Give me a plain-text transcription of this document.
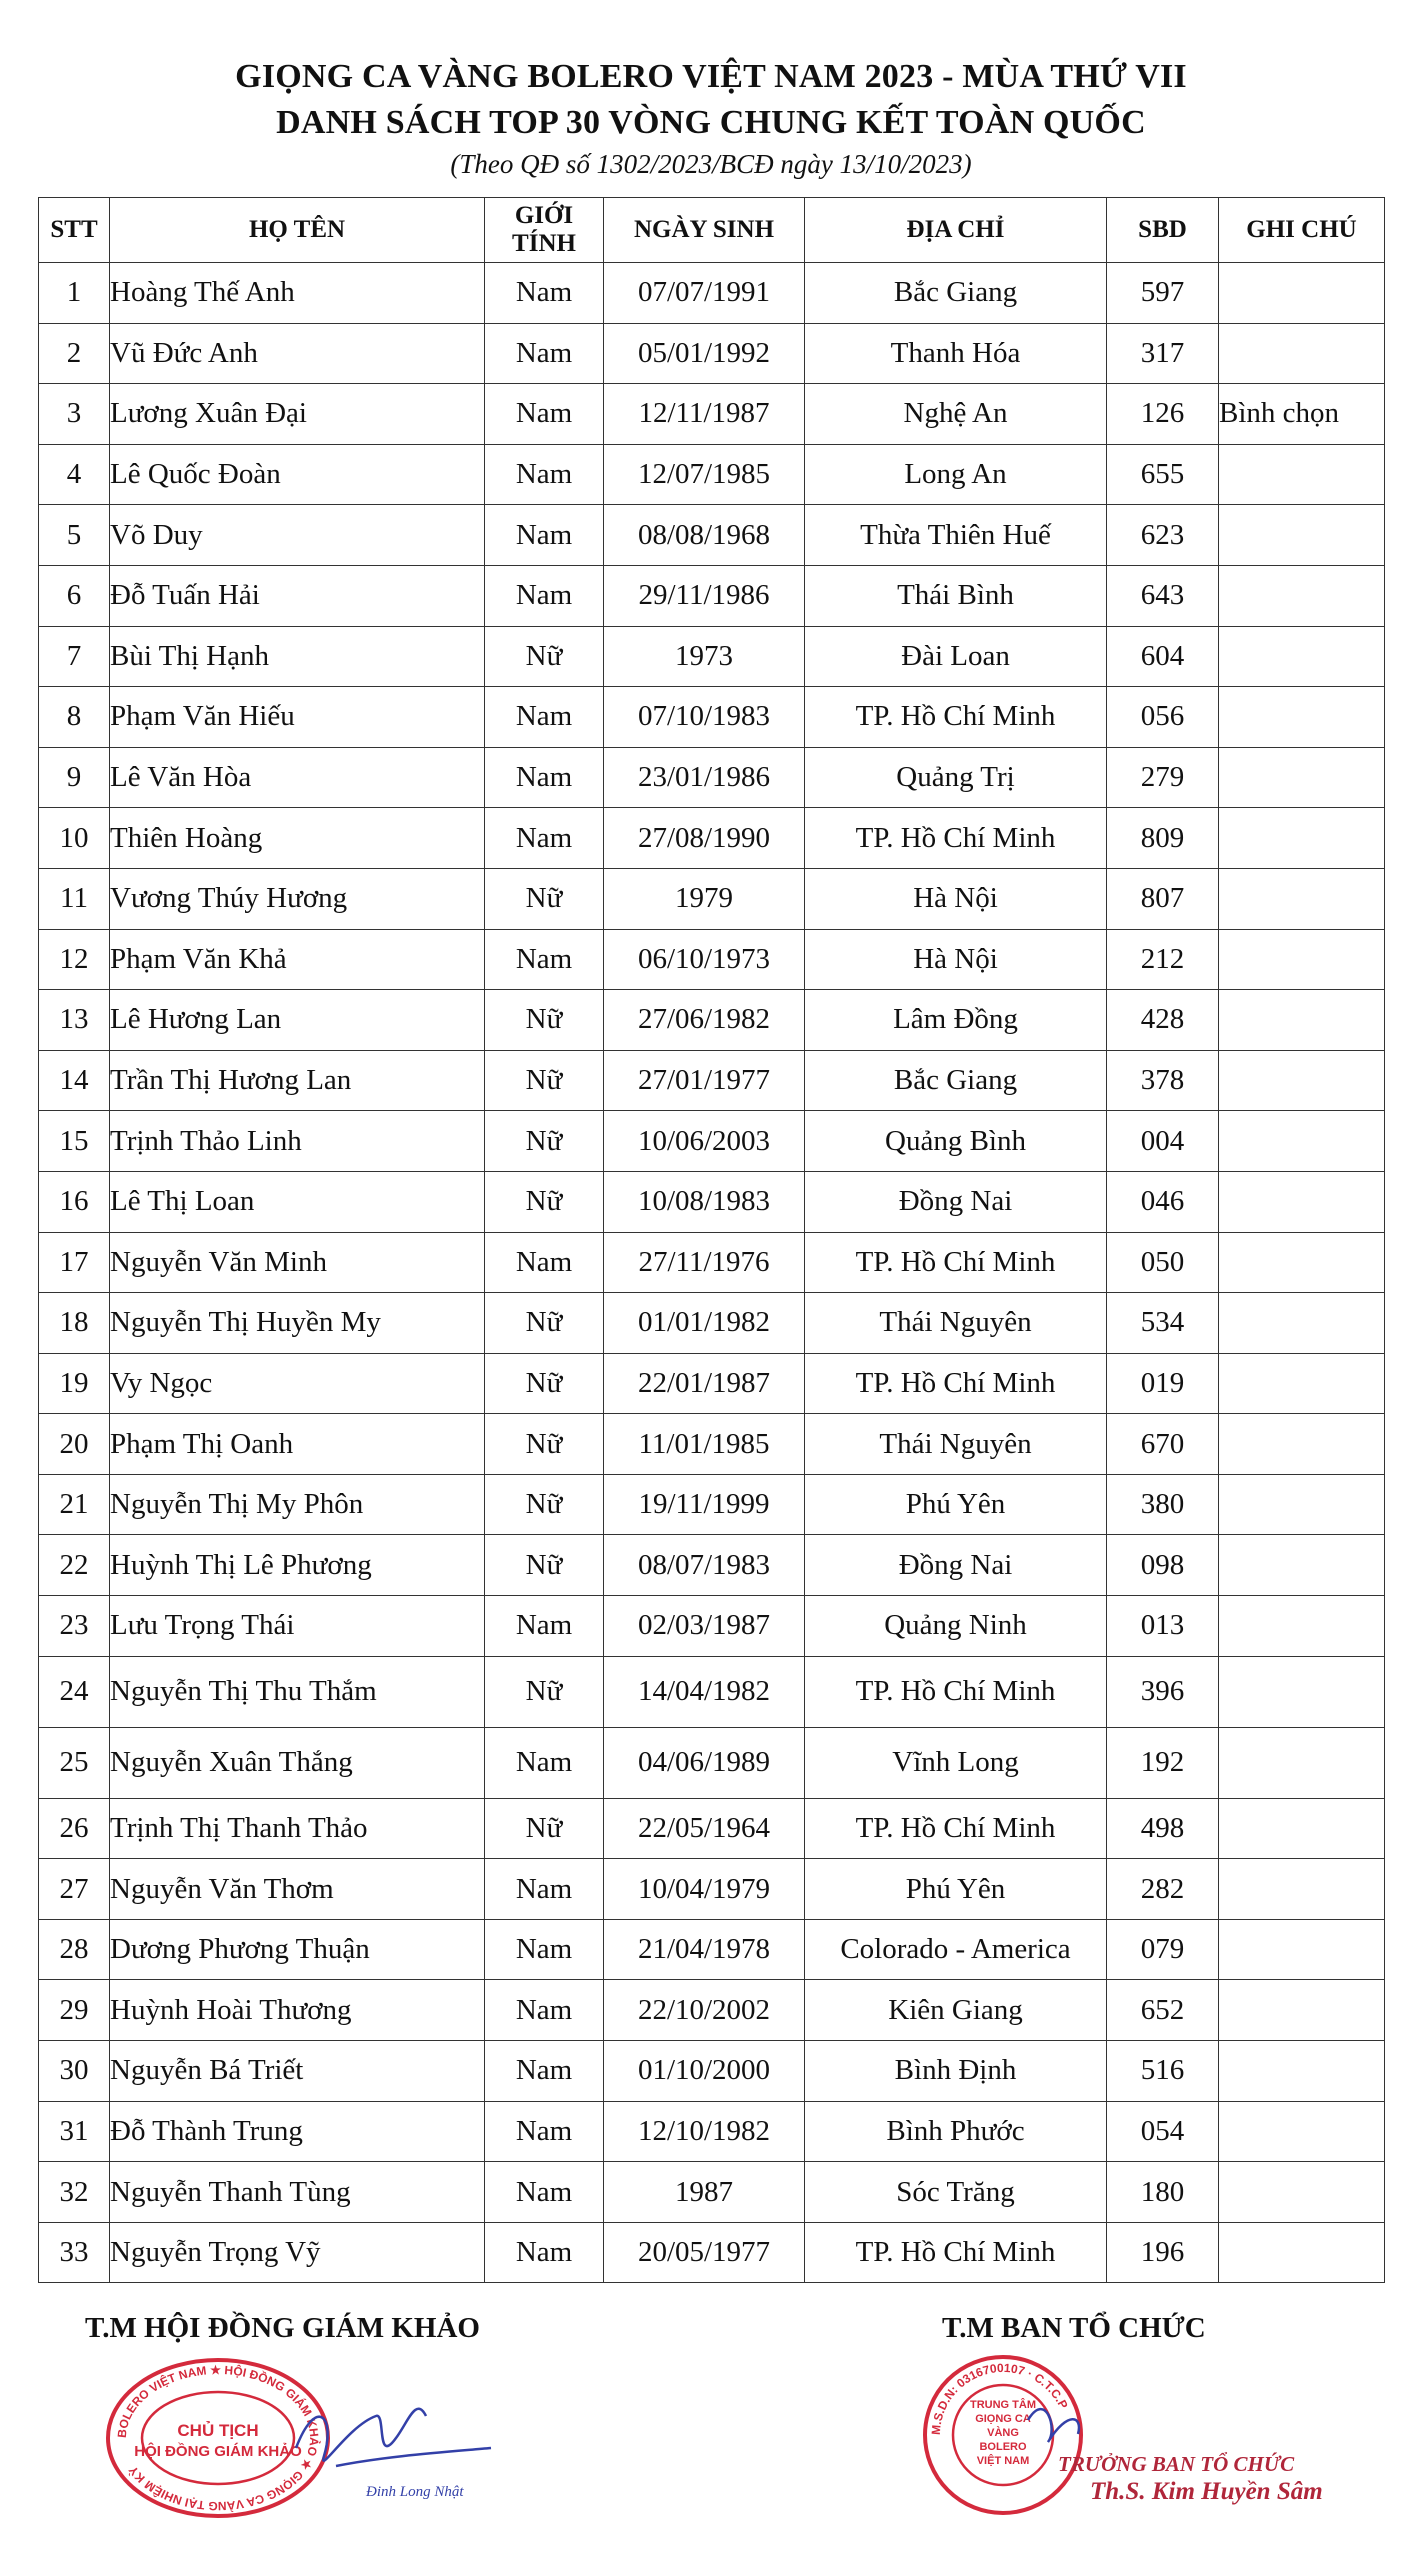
GIỌNG CA VÀNG BOLERO VIỆT NAM 2023 - MÙA THỨ VII
DANH SÁCH TOP 30 VÒNG CHUNG KẾT TOÀN QUỐC
(Theo QĐ số 1302/2023/BCĐ ngày 13/10/2023)
STT	HỌ TÊN	GIỚI TÍNH	NGÀY SINH	ĐỊA CHỈ	SBD	GHI CHÚ
1	Hoàng Thế Anh	Nam	07/07/1991	Bắc Giang	597	
2	Vũ Đức Anh	Nam	05/01/1992	Thanh Hóa	317	
3	Lương Xuân Đại	Nam	12/11/1987	Nghệ An	126	Bình chọn
4	Lê Quốc Đoàn	Nam	12/07/1985	Long An	655	
5	Võ Duy	Nam	08/08/1968	Thừa Thiên Huế	623	
6	Đỗ Tuấn Hải	Nam	29/11/1986	Thái Bình	643	
7	Bùi Thị Hạnh	Nữ	1973	Đài Loan	604	
8	Phạm Văn Hiếu	Nam	07/10/1983	TP. Hồ Chí Minh	056	
9	Lê Văn Hòa	Nam	23/01/1986	Quảng Trị	279	
10	Thiên Hoàng	Nam	27/08/1990	TP. Hồ Chí Minh	809	
11	Vương Thúy Hương	Nữ	1979	Hà Nội	807	
12	Phạm Văn Khả	Nam	06/10/1973	Hà Nội	212	
13	Lê Hương Lan	Nữ	27/06/1982	Lâm Đồng	428	
14	Trần Thị Hương Lan	Nữ	27/01/1977	Bắc Giang	378	
15	Trịnh Thảo Linh	Nữ	10/06/2003	Quảng Bình	004	
16	Lê Thị Loan	Nữ	10/08/1983	Đồng Nai	046	
17	Nguyễn Văn Minh	Nam	27/11/1976	TP. Hồ Chí Minh	050	
18	Nguyễn Thị Huyền My	Nữ	01/01/1982	Thái Nguyên	534	
19	Vy Ngọc	Nữ	22/01/1987	TP. Hồ Chí Minh	019	
20	Phạm Thị Oanh	Nữ	11/01/1985	Thái Nguyên	670	
21	Nguyễn Thị My Phôn	Nữ	19/11/1999	Phú Yên	380	
22	Huỳnh Thị Lê Phương	Nữ	08/07/1983	Đồng Nai	098	
23	Lưu Trọng Thái	Nam	02/03/1987	Quảng Ninh	013	
24	Nguyễn Thị Thu Thắm	Nữ	14/04/1982	TP. Hồ Chí Minh	396	
25	Nguyễn Xuân Thắng	Nam	04/06/1989	Vĩnh Long	192	
26	Trịnh Thị Thanh Thảo	Nữ	22/05/1964	TP. Hồ Chí Minh	498	
27	Nguyễn Văn Thơm	Nam	10/04/1979	Phú Yên	282	
28	Dương Phương Thuận	Nam	21/04/1978	Colorado - America	079	
29	Huỳnh Hoài Thương	Nam	22/10/2002	Kiên Giang	652	
30	Nguyễn Bá Triết	Nam	01/10/2000	Bình Định	516	
31	Đỗ Thành Trung	Nam	12/10/1982	Bình Phước	054	
32	Nguyễn Thanh Tùng	Nam	1987	Sóc Trăng	180	
33	Nguyễn Trọng Vỹ	Nam	20/05/1977	TP. Hồ Chí Minh	196	
T.M HỘI ĐỒNG GIÁM KHẢO	T.M BAN TỔ CHỨC
BOLERO VIỆT NAM ★ HỘI ĐỒNG GIÁM KHẢO ★ GIỌNG CA VÀNG TẠI NHIỆM KỲ
CHỦ TỊCH
HỘI ĐỒNG GIÁM KHẢO
Đinh Long Nhật
M.S.D.N: 0316700107 · C.T.C.P
TRUNG TÂM
GIỌNG CA
VÀNG
BOLERO
VIỆT NAM TRƯỞNG BAN TỔ CHỨC
Th.S. Kim Huyền Sâm
